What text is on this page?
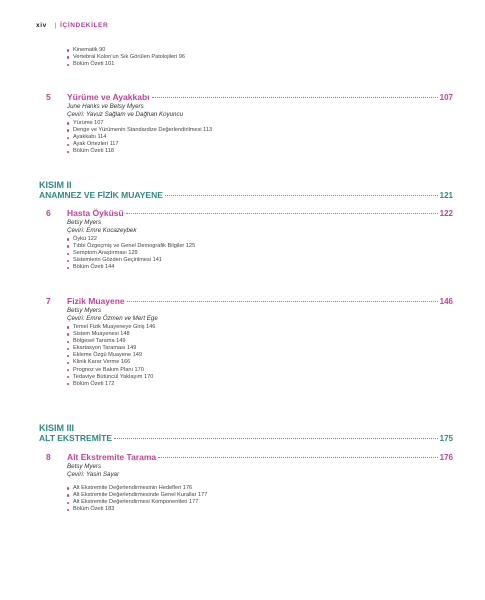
xiv | İÇİNDEKİLER
Kinematik 90
Vertebral Kolon’un Sık Görülen Patolojileri 96
Bölüm Özeti 101
5 Yürüme ve Ayakkabı	107
June Hanks ve Betsy Myers
Çeviri: Yavuz Sağlam ve Dağhan Koyuncu
Yürüme 107
Denge ve Yürümenin Standardize Değerlendirilmesi 113
Ayakkabı 114
Ayak Ortezleri 117
Bölüm Özeti 118
KISIM II
ANAMNEZ VE FİZİK MUAYENE	121
6 Hasta Öyküsü	122
Betsy Myers
Çeviri: Emre Kocazeybek
Öykü 122
Tıbbi Özgeçmiş ve Genel Demografik Bilgiler 125
Semptom Araştırması 129
Sistemlerin Gözden Geçirilmesi 141
Bölüm Özeti 144
7 Fizik Muayene	146
Betsy Myers
Çeviri: Emre Özmen ve Mert Ege
Temel Fizik Muayeneye Giriş 146
Sistem Muayenesi 148
Bölgesel Tarama 149
Ekartasyon Taraması 149
Ekleme Özgü Muayene 149
Klinik Karar Verme 166
Prognoz ve Bakım Planı 170
Tedaviye Bütüncül Yaklaşım 170
Bölüm Özeti 172
KISIM III
ALT EKSTREMİTE	175
8 Alt Ekstremite Tarama	176
Betsy Myers
Çeviri: Yasin Sayar
Alt Ekstremite Değerlendirmesinin Hedefleri 176
Alt Ekstremite Değerlendirmesinde Genel Kurallar 177
Alt Ekstremite Değerlendirmesi Komponentleri 177
Bölüm Özeti 183
